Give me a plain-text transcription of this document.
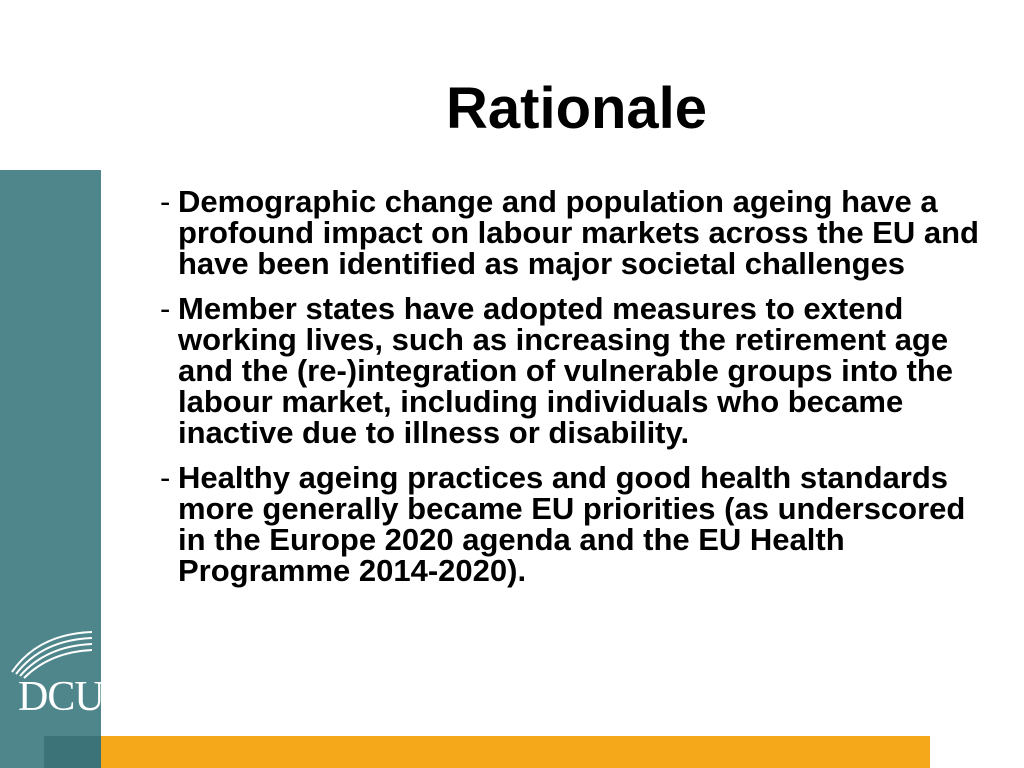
DCU
Rationale
- Demographic change and population ageing have a profound impact on labour markets across the EU and have been identified as major societal challenges
- Member states have adopted measures to extend working lives, such as increasing the retirement age and the (re-)integration of vulnerable groups into the labour market, including individuals who became inactive due to illness or disability.
- Healthy ageing practices and good health standards more generally became EU priorities (as underscored in the Europe 2020 agenda and the EU Health Programme 2014-2020).
